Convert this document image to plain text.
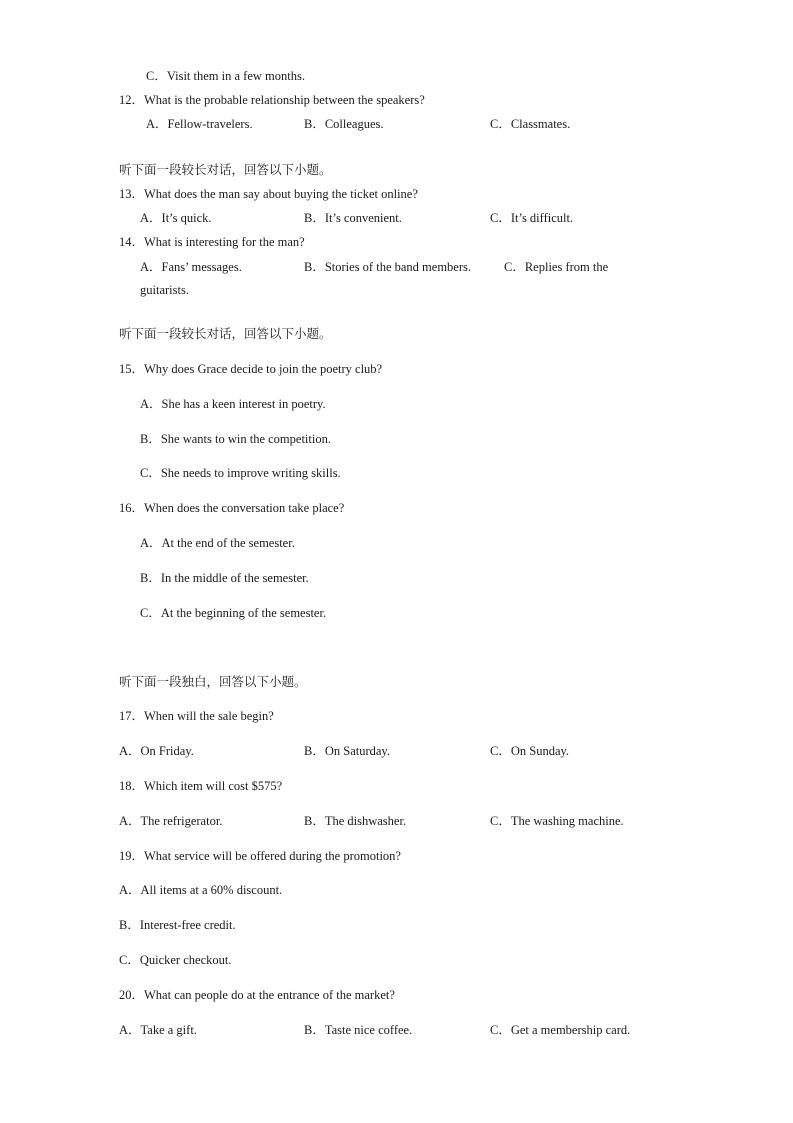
C．Visit them in a few months.
12．What is the probable relationship between the speakers?
A．Fellow-travelers.	B．Colleagues.	C．Classmates.
听下面一段较长对话，回答以下小题。
13．What does the man say about buying the ticket online?
A．It’s quick.	B．It’s convenient.	C．It’s difficult.
14．What is interesting for the man?
A．Fans’ messages.	B．Stories of the band members.	C．Replies from the
guitarists.
听下面一段较长对话，回答以下小题。
15．Why does Grace decide to join the poetry club?
A．She has a keen interest in poetry.
B．She wants to win the competition.
C．She needs to improve writing skills.
16．When does the conversation take place?
A．At the end of the semester.
B．In the middle of the semester.
C．At the beginning of the semester.
听下面一段独白，回答以下小题。
17．When will the sale begin?
A．On Friday.	B．On Saturday.	C．On Sunday.
18．Which item will cost $575?
A．The refrigerator.	B．The dishwasher.	C．The washing machine.
19．What service will be offered during the promotion?
A．All items at a 60% discount.
B．Interest-free credit.
C．Quicker checkout.
20．What can people do at the entrance of the market?
A．Take a gift.	B．Taste nice coffee.	C．Get a membership card.
